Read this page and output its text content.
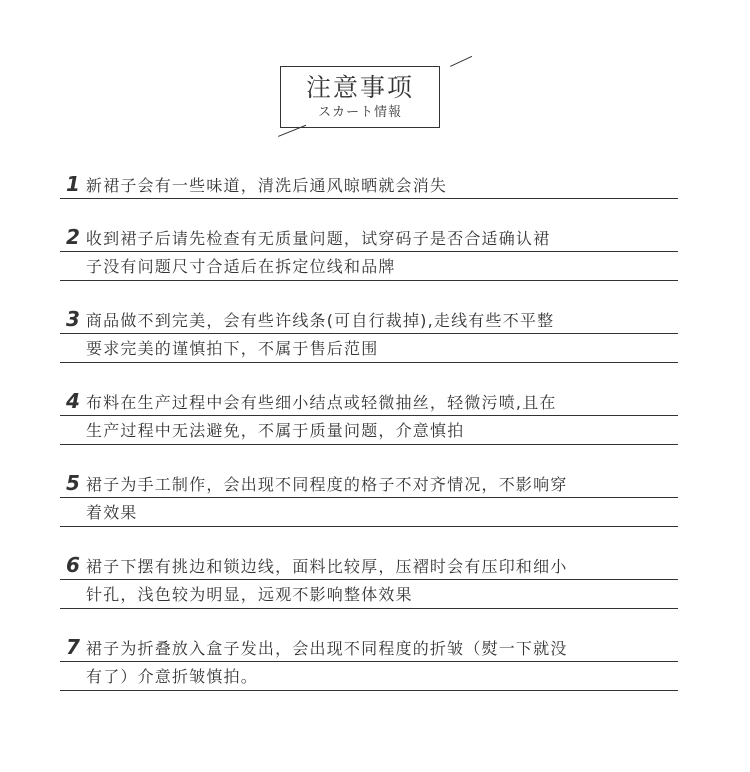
注意事项
スカート情報
1 新裙子会有一些味道，清洗后通风晾晒就会消失
2 收到裙子后请先检查有无质量问题，试穿码子是否合适确认裙
子没有问题尺寸合适后在拆定位线和品牌
3 商品做不到完美，会有些许线条(可自行裁掉),走线有些不平整
要求完美的谨慎拍下，不属于售后范围
4 布料在生产过程中会有些细小结点或轻微抽丝，轻微污喷,且在
生产过程中无法避免，不属于质量问题，介意慎拍
5 裙子为手工制作，会出现不同程度的格子不对齐情况，不影响穿
着效果
6 裙子下摆有挑边和锁边线，面料比较厚，压褶时会有压印和细小
针孔，浅色较为明显，远观不影响整体效果
7 裙子为折叠放入盒子发出，会出现不同程度的折皱（熨一下就没
有了）介意折皱慎拍。
